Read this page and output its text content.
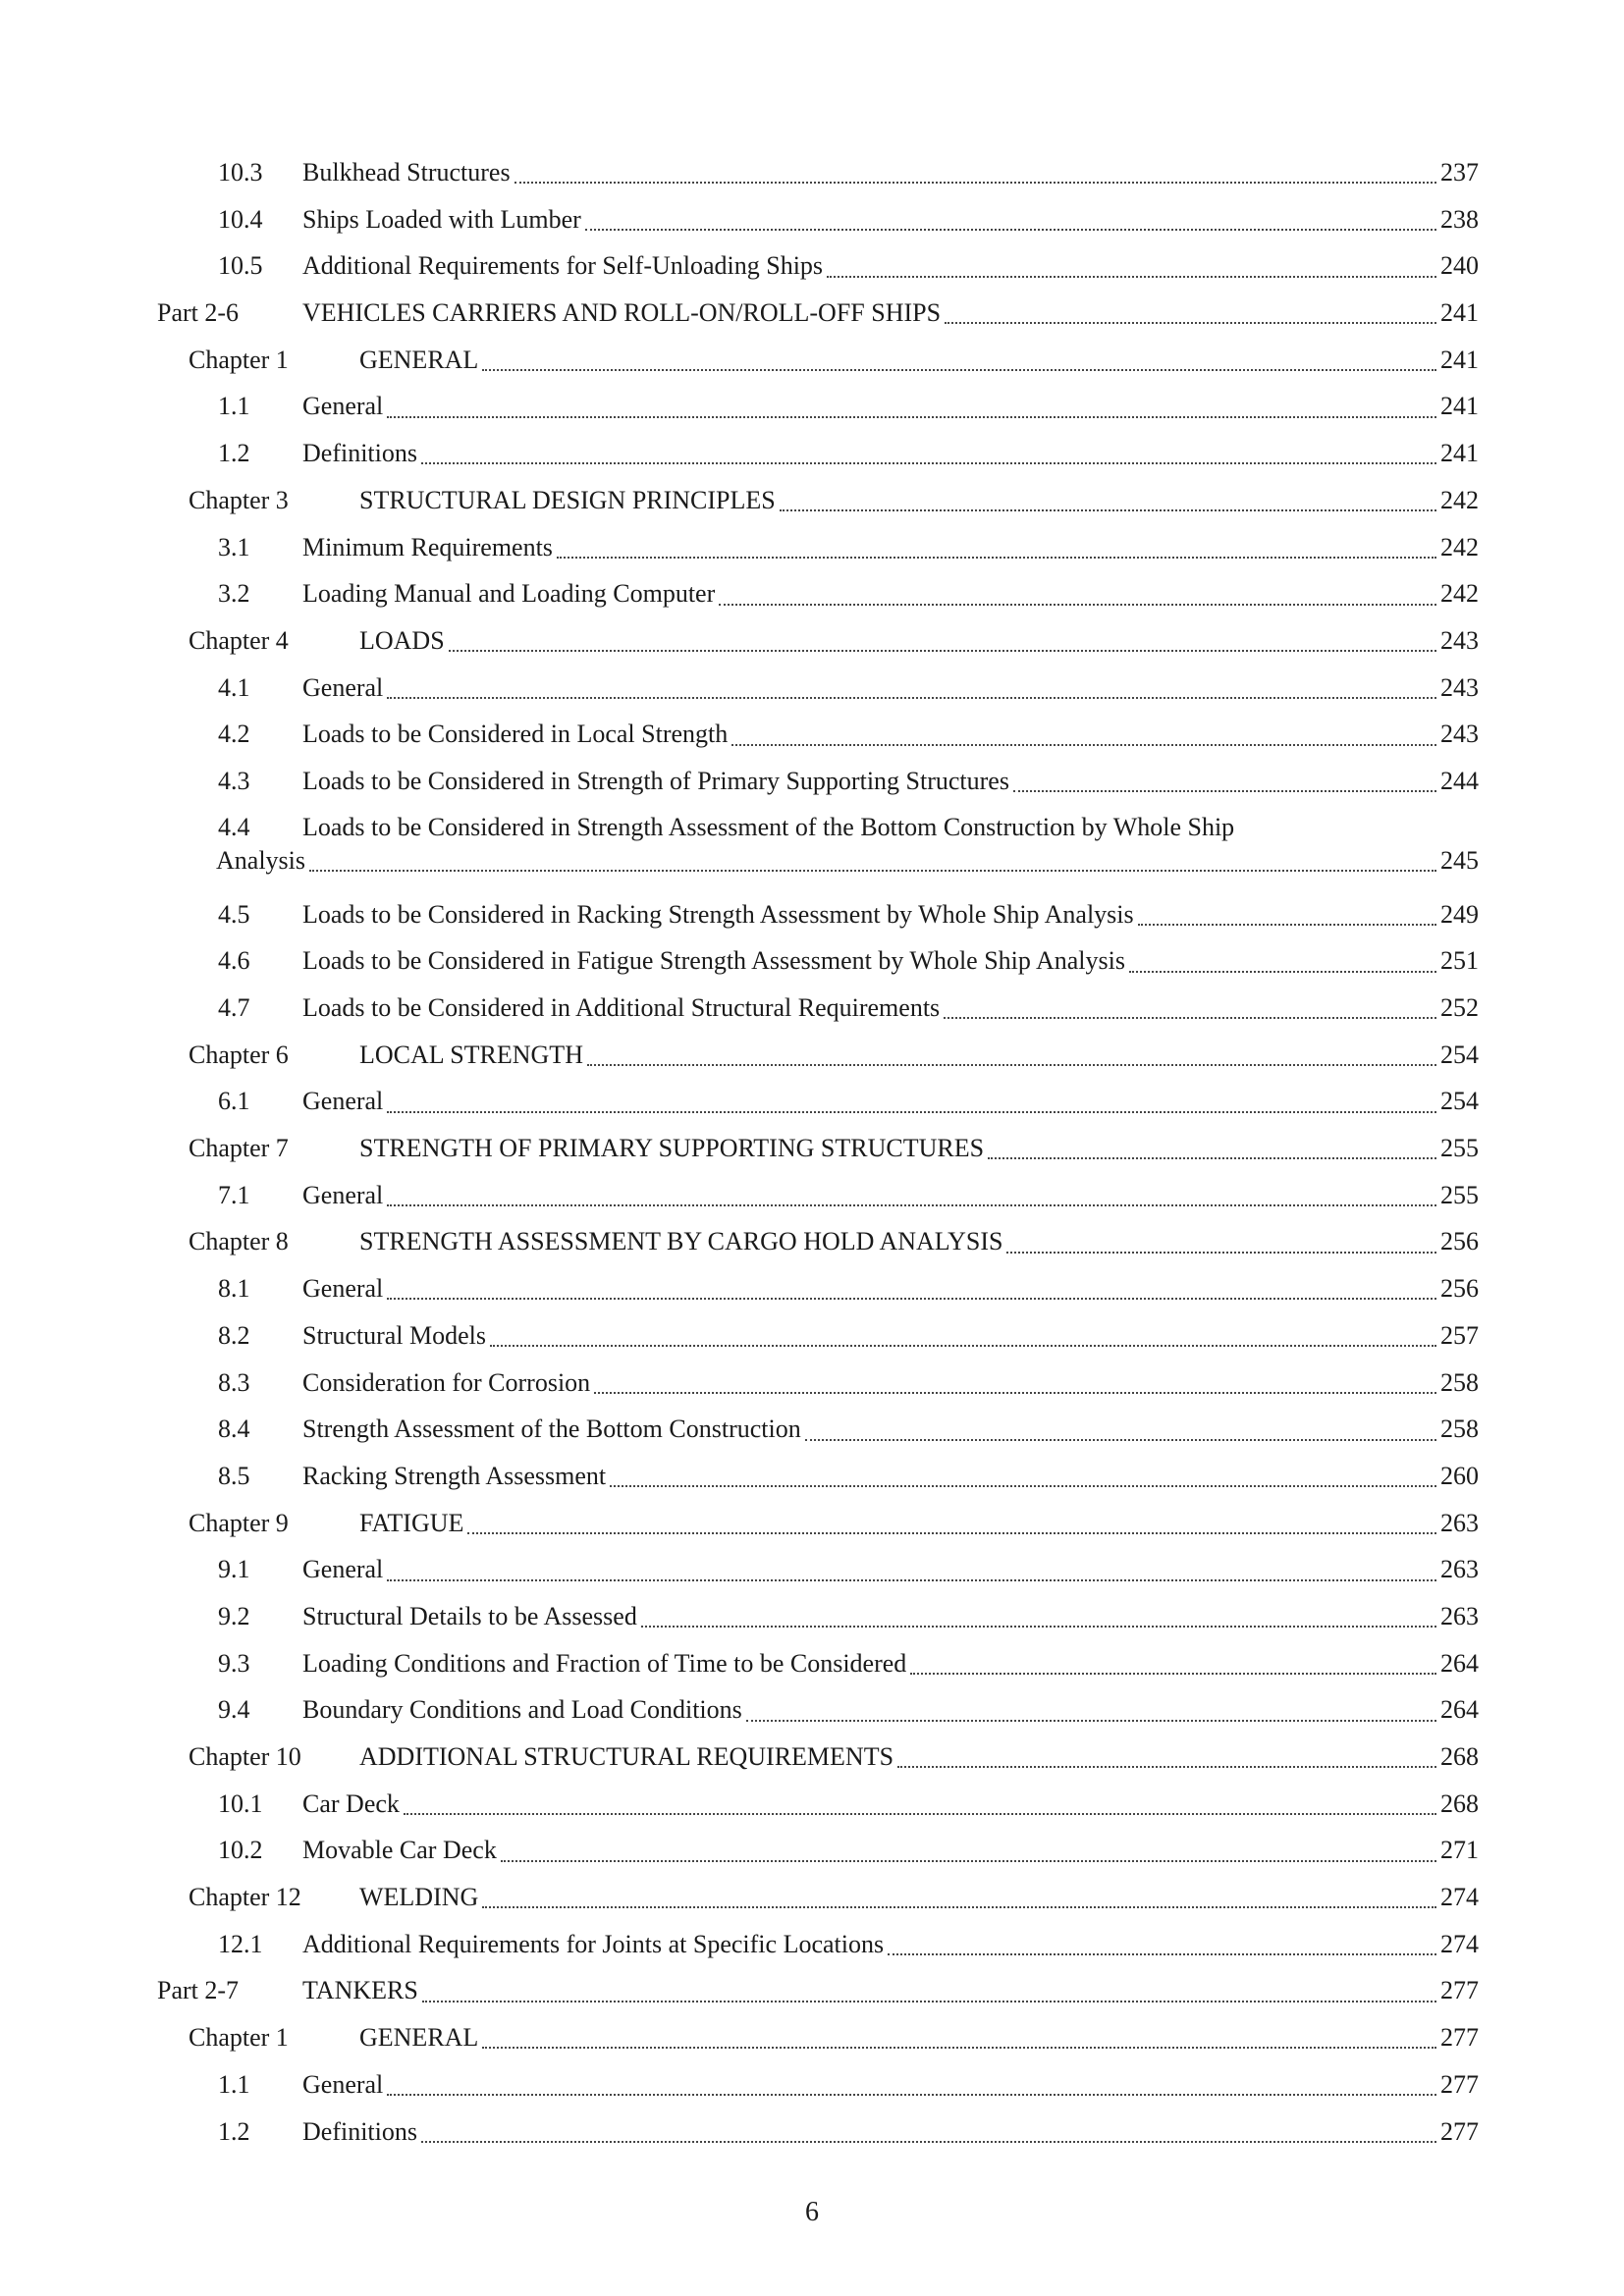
10.3	Bulkhead Structures	237
10.4	Ships Loaded with Lumber	238
10.5	Additional Requirements for Self-Unloading Ships	240
Part 2-6	VEHICLES CARRIERS AND ROLL-ON/ROLL-OFF SHIPS	241
Chapter 1	GENERAL	241
1.1	General	241
1.2	Definitions	241
Chapter 3	STRUCTURAL DESIGN PRINCIPLES	242
3.1	Minimum Requirements	242
3.2	Loading Manual and Loading Computer	242
Chapter 4	LOADS	243
4.1	General	243
4.2	Loads to be Considered in Local Strength	243
4.3	Loads to be Considered in Strength of Primary Supporting Structures	244
4.4 Loads to be Considered in Strength Assessment of the Bottom Construction by Whole Ship
Analysis	245
4.5	Loads to be Considered in Racking Strength Assessment by Whole Ship Analysis	249
4.6	Loads to be Considered in Fatigue Strength Assessment by Whole Ship Analysis	251
4.7	Loads to be Considered in Additional Structural Requirements	252
Chapter 6	LOCAL STRENGTH	254
6.1	General	254
Chapter 7	STRENGTH OF PRIMARY SUPPORTING STRUCTURES	255
7.1	General	255
Chapter 8	STRENGTH ASSESSMENT BY CARGO HOLD ANALYSIS	256
8.1	General	256
8.2	Structural Models	257
8.3	Consideration for Corrosion	258
8.4	Strength Assessment of the Bottom Construction	258
8.5	Racking Strength Assessment	260
Chapter 9	FATIGUE	263
9.1	General	263
9.2	Structural Details to be Assessed	263
9.3	Loading Conditions and Fraction of Time to be Considered	264
9.4	Boundary Conditions and Load Conditions	264
Chapter 10	ADDITIONAL STRUCTURAL REQUIREMENTS	268
10.1	Car Deck	268
10.2	Movable Car Deck	271
Chapter 12	WELDING	274
12.1	Additional Requirements for Joints at Specific Locations	274
Part 2-7	TANKERS	277
Chapter 1	GENERAL	277
1.1	General	277
1.2	Definitions	277
6
